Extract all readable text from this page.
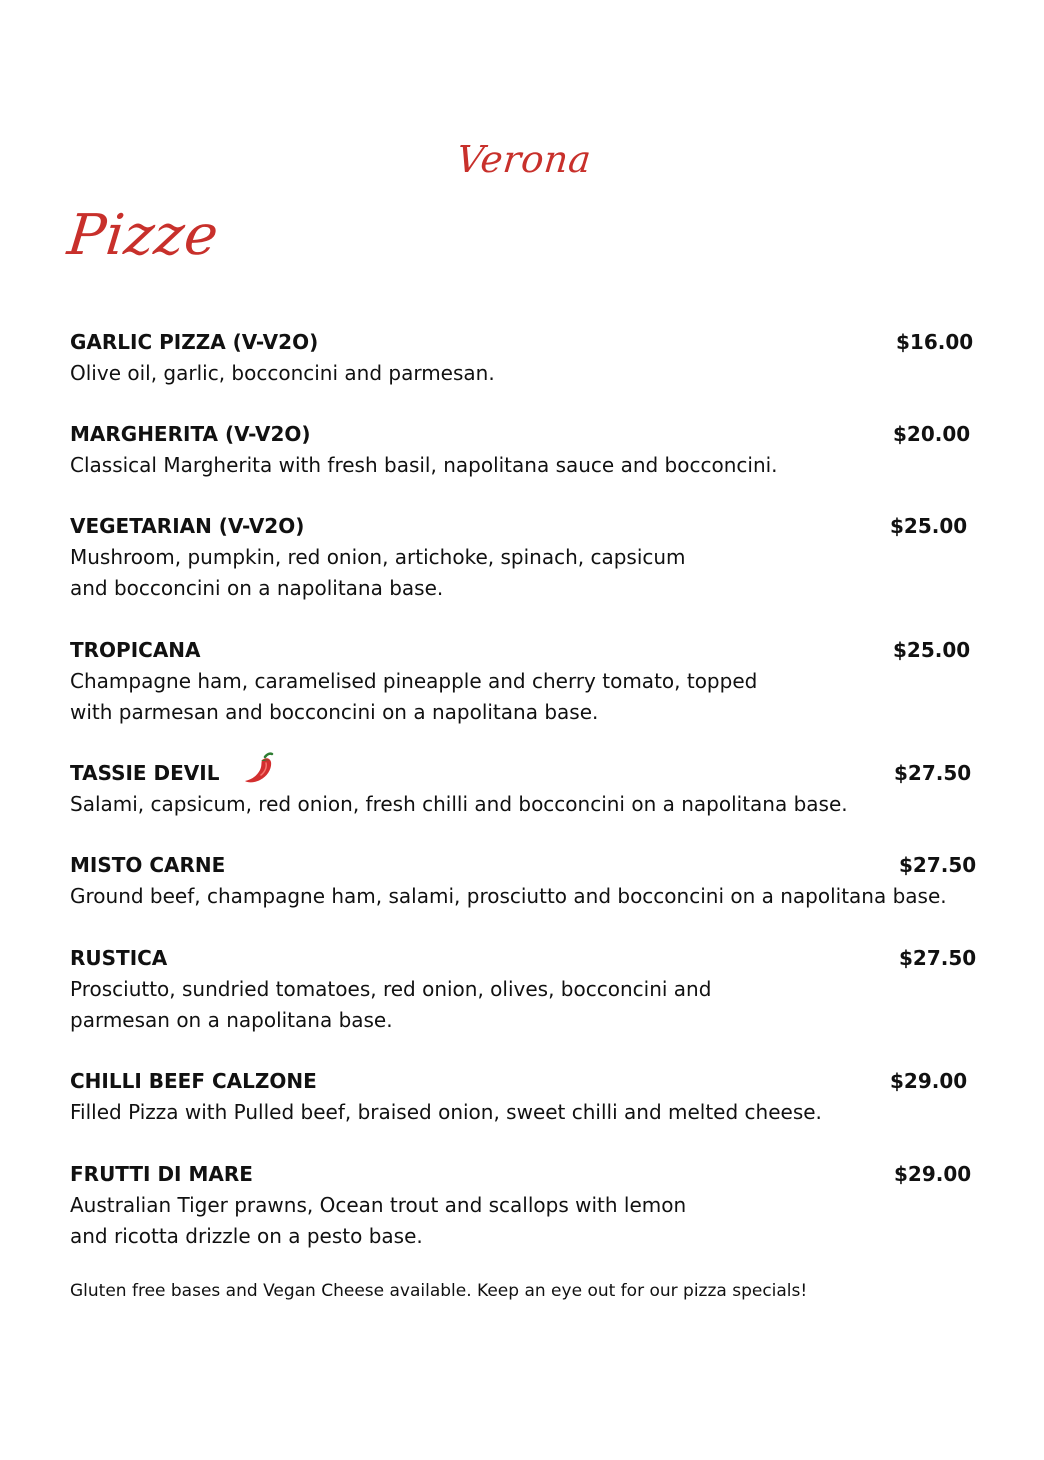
Verona
Pizze
GARLIC PIZZA (V-V2O)	$16.00
Olive oil, garlic, bocconcini and parmesan.
MARGHERITA (V-V2O)	$20.00
Classical Margherita with fresh basil, napolitana sauce and bocconcini.
VEGETARIAN (V-V2O)	$25.00
Mushroom, pumpkin, red onion, artichoke, spinach, capsicum
and bocconcini on a napolitana base.
TROPICANA	$25.00
Champagne ham, caramelised pineapple and cherry tomato, topped
with parmesan and bocconcini on a napolitana base.
TASSIE DEVIL	$27.50
Salami, capsicum, red onion, fresh chilli and bocconcini on a napolitana base.
MISTO CARNE	$27.50
Ground beef, champagne ham, salami, prosciutto and bocconcini on a napolitana base.
RUSTICA	$27.50
Prosciutto, sundried tomatoes, red onion, olives, bocconcini and
parmesan on a napolitana base.
CHILLI BEEF CALZONE	$29.00
Filled Pizza with Pulled beef, braised onion, sweet chilli and melted cheese.
FRUTTI DI MARE	$29.00
Australian Tiger prawns, Ocean trout and scallops with lemon
and ricotta drizzle on a pesto base.
Gluten free bases and Vegan Cheese available. Keep an eye out for our pizza specials!
